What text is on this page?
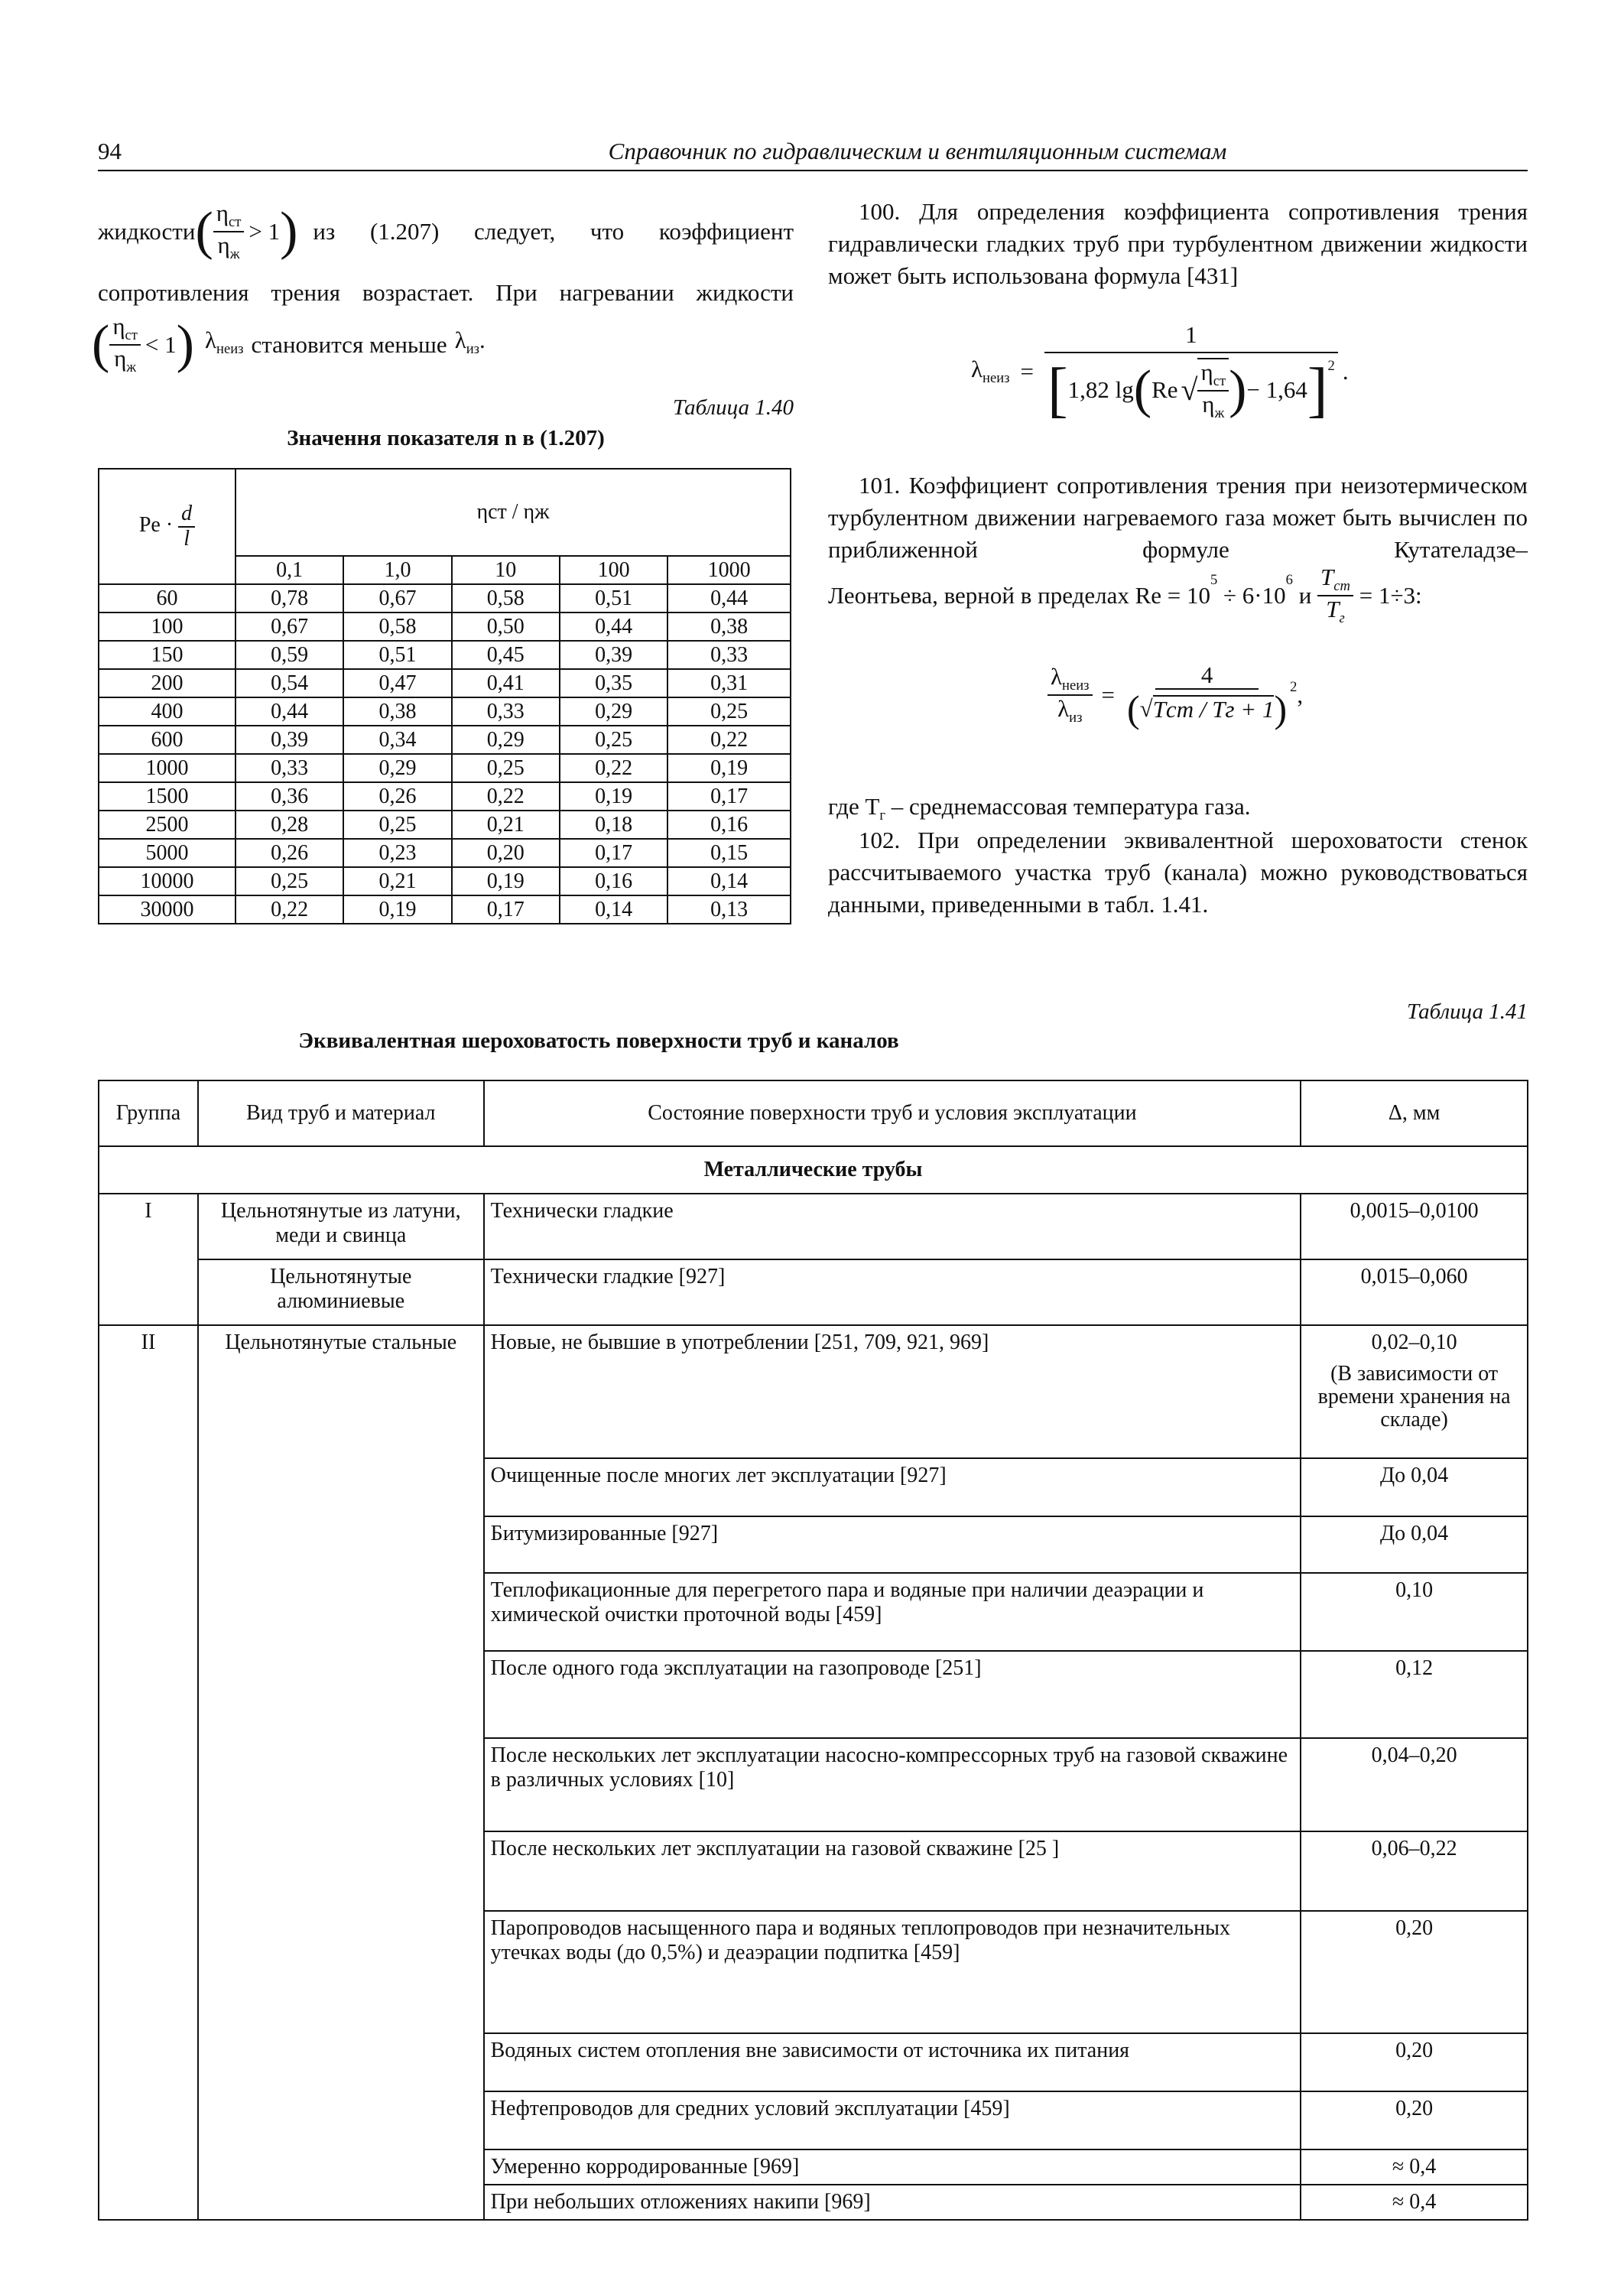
94	Справочник по гидравлическим и вентиляционным системам
жидкости ( $\frac{\eta_{ст}}{\eta_ж} > 1$ ) из (1.207) следует, что коэффициент
сопротивления трения возрастает. При нагревании жидкости
( $\frac{\eta_{ст}}{\eta_ж} < 1$ ) $\lambda_{неиз}$ становится меньше $\lambda_{из}$.
Таблица 1.40
Значення показателя n в (1.207)
$Pe \cdot \frac{d}{l}$	ηст / ηж				
	0,1	1,0	10	100	1000
60	0,78	0,67	0,58	0,51	0,44
100	0,67	0,58	0,50	0,44	0,38
150	0,59	0,51	0,45	0,39	0,33
200	0,54	0,47	0,41	0,35	0,31
400	0,44	0,38	0,33	0,29	0,25
600	0,39	0,34	0,29	0,25	0,22
1000	0,33	0,29	0,25	0,22	0,19
1500	0,36	0,26	0,22	0,19	0,17
2500	0,28	0,25	0,21	0,18	0,16
5000	0,26	0,23	0,20	0,17	0,15
10000	0,25	0,21	0,19	0,16	0,14
30000	0,22	0,19	0,17	0,14	0,13
100. Для определения коэффициента сопротивления трения гидравлически гладких труб при турбулентном движении жидкости может быть использована формула [431]
$\lambda_{неиз}$ =
1
[ 1,82 lg ( Re √ $\frac{\eta_{ст}}{\eta_ж}$ ) − 1,64 ]$^2$ .
101. Коэффициент сопротивления трения при неизотермическом турбулентном движении нагреваемого газа может быть вычислен по приближенной формуле Кутателадзе–
Леонтьева, верной в пределах Re = 10
$^5$
÷ 6·10
$^6$
и $\frac{T_{ст}}{T_г} = 1\div 3$:
$\frac{\lambda_{неиз}}{\lambda_{из}} = \frac{4}{\text{( √ Tст / Tг + 1 )}}^2$ ,
где $T_г$ – среднемассовая температура газа.
102. При определении эквивалентной шероховатости стенок рассчитываемого участка труб (канала) можно руководствоваться данными, приведенными в табл. 1.41.
Таблица 1.41
Эквивалентная шероховатость поверхности труб и каналов
Группа	Вид труб и материал	Состояние поверхности труб и условия эксплуатации	Δ, мм
Металлические трубы			
I	Цельнотянутые из латуни, меди и свинца	Технически гладкие	0,0015–0,0100
	Цельнотянутые алюминиевые	Технически гладкие [927]	0,015–0,060
II	Цельнотянутые стальные	Новые, не бывшие в употреблении [251, 709, 921, 969]	0,02–0,10
(В зависимости от времени хранения на складе)

		Очищенные после многих лет эксплуатации [927]	До 0,04
		Битумизированные [927]	До 0,04
		Теплофикационные для перегретого пара и водяные при наличии деаэрации и химической очистки проточной воды [459]	0,10
		После одного года эксплуатации на газопроводе [251]	0,12
		После нескольких лет эксплуатации насосно-компрессорных труб на газовой скважине в различных условиях [10]	0,04–0,20
		После нескольких лет эксплуатации на газовой скважине [25 ]	0,06–0,22
		Паропроводов насыщенного пара и водяных теплопроводов при незначительных утечках воды (до 0,5%) и деаэрации подпитка [459]	0,20
		Водяных систем отопления вне зависимости от источника их питания	0,20
		Нефтепроводов для средних условий эксплуатации [459]	0,20
		Умеренно корродированные [969]	≈ 0,4
		При небольших отложениях накипи [969]	≈ 0,4
